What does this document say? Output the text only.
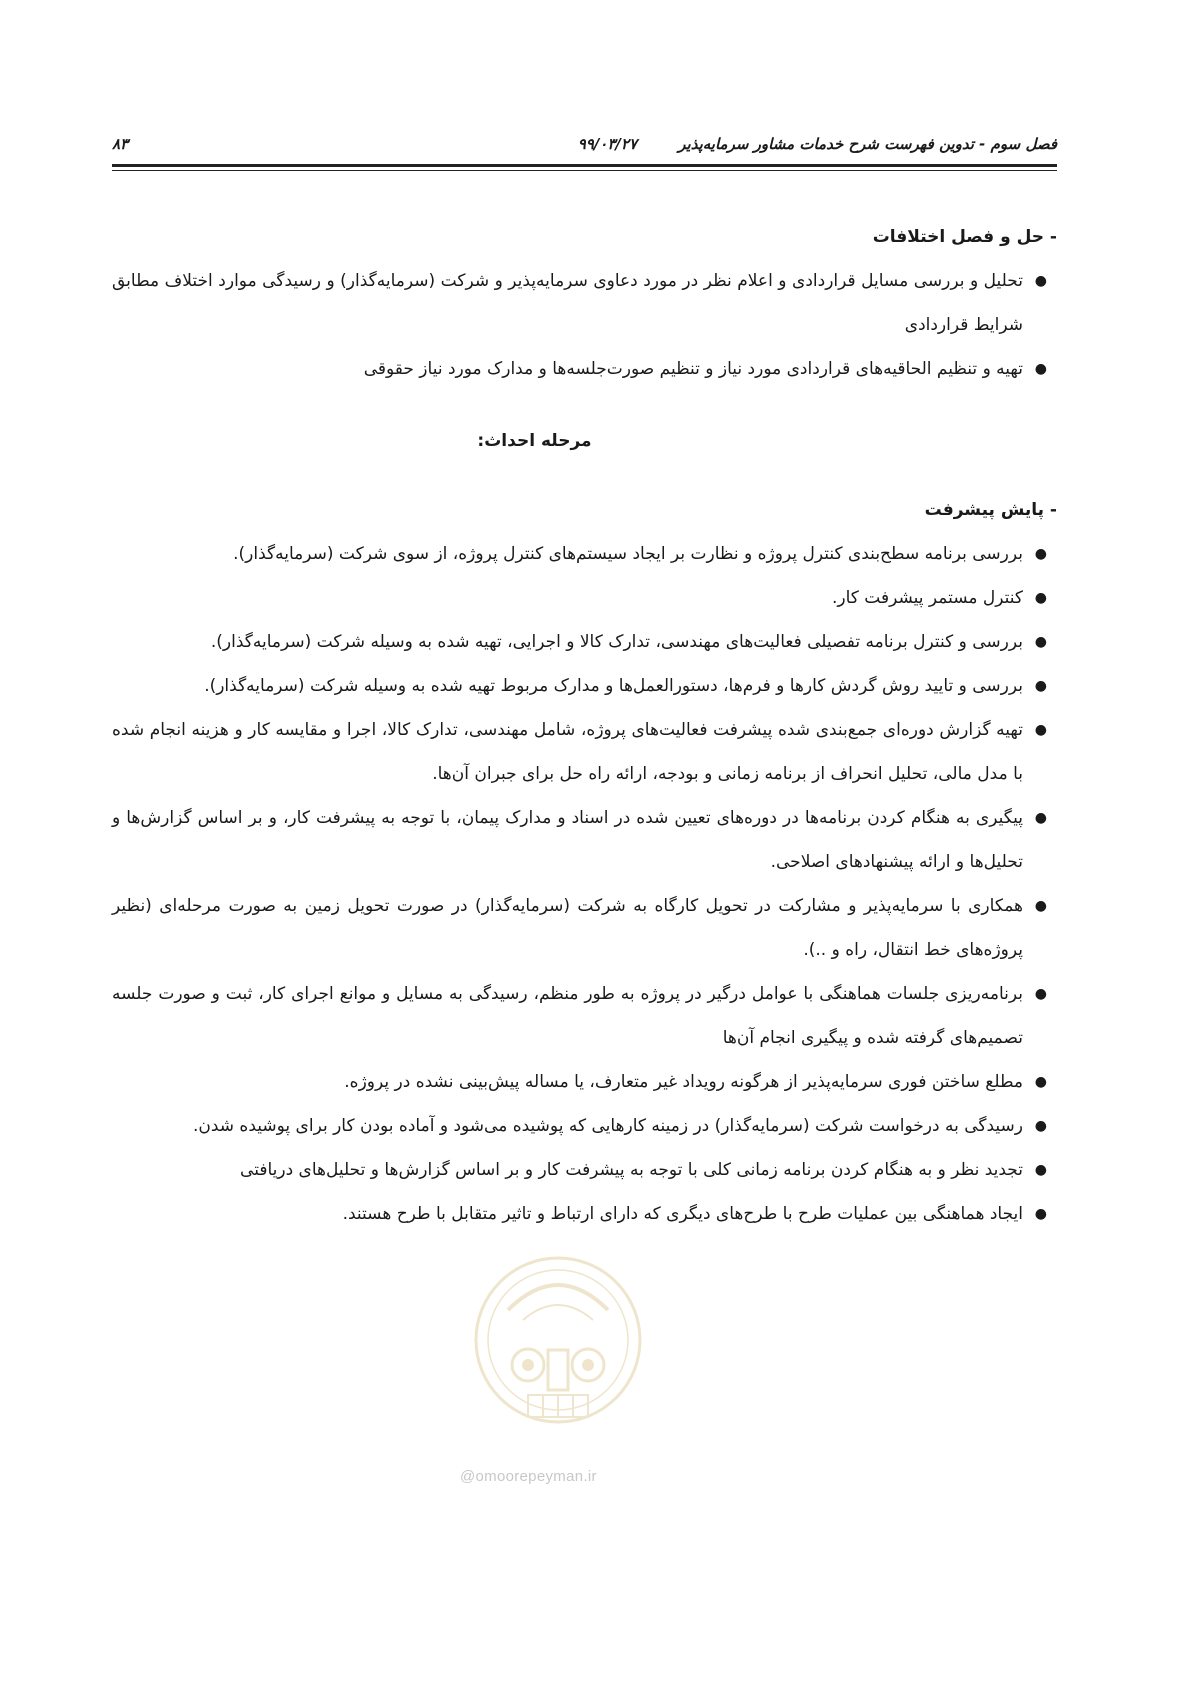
فصل سوم - تدوین فهرست شرح خدمات مشاور سرمایه‌پذیر
۹۹/۰۳/۲۷
۸۳

- حل و فصل اختلافات

●
تحلیل و بررسی مسایل قراردادی و اعلام نظر در مورد دعاوی سرمایه‌پذیر و شرکت (سرمایه‌گذار) و رسیدگی موارد اختلاف مطابق شرایط قراردادی
●
تهیه و تنظیم الحاقیه‌های قراردادی مورد نیاز و تنظیم صورت‌جلسه‌ها و مدارک مورد نیاز حقوقی

مرحله احداث:

- پایش پیشرفت

●
بررسی برنامه سطح‌بندی کنترل پروژه و نظارت بر ایجاد سیستم‌های کنترل پروژه، از سوی شرکت (سرمایه‌گذار).
●
کنترل مستمر پیشرفت کار.
●
بررسی و کنترل برنامه تفصیلی فعالیت‌های مهندسی، تدارک کالا و اجرایی، تهیه شده به وسیله شرکت (سرمایه‌گذار).
●
بررسی و تایید روش گردش کارها و فرم‌ها، دستورالعمل‌ها و مدارک مربوط تهیه شده به وسیله شرکت (سرمایه‌گذار).
●
تهیه گزارش دوره‌ای جمع‌بندی شده پیشرفت فعالیت‌های پروژه، شامل مهندسی، تدارک کالا، اجرا و مقایسه کار و هزینه انجام شده با مدل مالی، تحلیل انحراف از برنامه زمانی و بودجه، ارائه راه حل برای جبران آن‌ها.
●
پیگیری به هنگام کردن برنامه‌ها در دوره‌های تعیین شده در اسناد و مدارک پیمان، با توجه به پیشرفت کار، و بر اساس گزارش‌ها و تحلیل‌ها و ارائه پیشنهادهای اصلاحی.
●
همکاری با سرمایه‌پذیر و مشارکت در تحویل کارگاه به شرکت (سرمایه‌گذار) در صورت تحویل زمین به صورت مرحله‌ای (نظیر پروژه‌های خط انتقال، راه و ..).
●
برنامه‌ریزی جلسات هماهنگی با عوامل درگیر در پروژه به طور منظم، رسیدگی به مسایل و موانع اجرای کار، ثبت و صورت جلسه تصمیم‌های گرفته شده و پیگیری انجام آن‌ها
●
مطلع ساختن فوری سرمایه‌پذیر از هرگونه رویداد غیر متعارف، یا مساله پیش‌بینی نشده در پروژه.
●
رسیدگی به درخواست شرکت (سرمایه‌گذار) در زمینه کارهایی که پوشیده می‌شود و آماده بودن کار برای پوشیده شدن.
●
تجدید نظر و به هنگام کردن برنامه زمانی کلی با توجه به پیشرفت کار و بر اساس گزارش‌ها و تحلیل‌های دریافتی
●
ایجاد هماهنگی بین عملیات طرح با طرح‌های دیگری که دارای ارتباط و تاثیر متقابل با طرح هستند.
@omoorepeyman.ir
